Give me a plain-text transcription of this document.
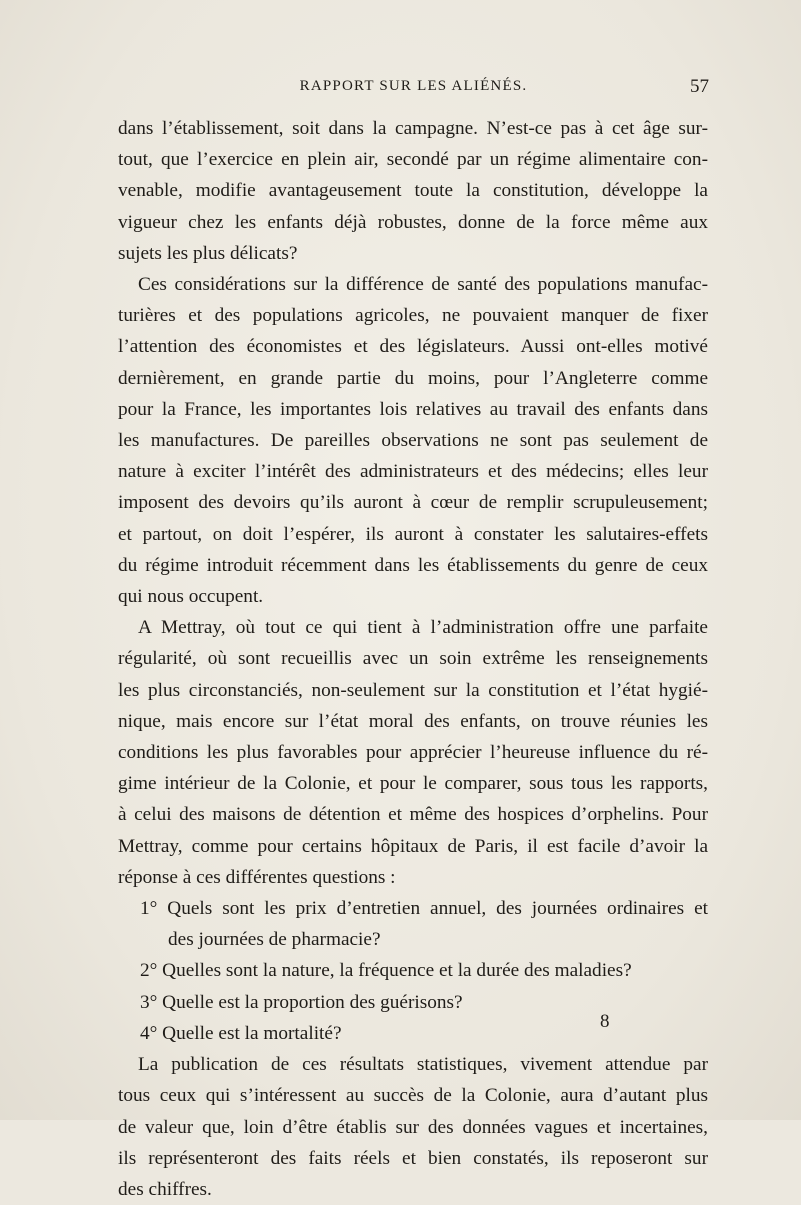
RAPPORT SUR LES ALIÉNÉS.	57
dans l’établissement, soit dans la campagne. N’est-ce pas à cet âge sur-
tout, que l’exercice en plein air, secondé par un régime alimentaire con-
venable, modifie avantageusement toute la constitution, développe la
vigueur chez les enfants déjà robustes, donne de la force même aux
sujets les plus délicats?
Ces considérations sur la différence de santé des populations manufac-
turières et des populations agricoles, ne pouvaient manquer de fixer
l’attention des économistes et des législateurs. Aussi ont-elles motivé
dernièrement, en grande partie du moins, pour l’Angleterre comme
pour la France, les importantes lois relatives au travail des enfants dans
les manufactures. De pareilles observations ne sont pas seulement de
nature à exciter l’intérêt des administrateurs et des médecins; elles leur
imposent des devoirs qu’ils auront à cœur de remplir scrupuleusement;
et partout, on doit l’espérer, ils auront à constater les salutaires-effets
du régime introduit récemment dans les établissements du genre de ceux
qui nous occupent.
A Mettray, où tout ce qui tient à l’administration offre une parfaite
régularité, où sont recueillis avec un soin extrême les renseignements
les plus circonstanciés, non-seulement sur la constitution et l’état hygié-
nique, mais encore sur l’état moral des enfants, on trouve réunies les
conditions les plus favorables pour apprécier l’heureuse influence du ré-
gime intérieur de la Colonie, et pour le comparer, sous tous les rapports,
à celui des maisons de détention et même des hospices d’orphelins. Pour
Mettray, comme pour certains hôpitaux de Paris, il est facile d’avoir la
réponse à ces différentes questions :
1° Quels sont les prix d’entretien annuel, des journées ordinaires et
des journées de pharmacie?
2° Quelles sont la nature, la fréquence et la durée des maladies?
3° Quelle est la proportion des guérisons?
4° Quelle est la mortalité?
La publication de ces résultats statistiques, vivement attendue par
tous ceux qui s’intéressent au succès de la Colonie, aura d’autant plus
de valeur que, loin d’être établis sur des données vagues et incertaines,
ils représenteront des faits réels et bien constatés, ils reposeront sur
des chiffres.
8
